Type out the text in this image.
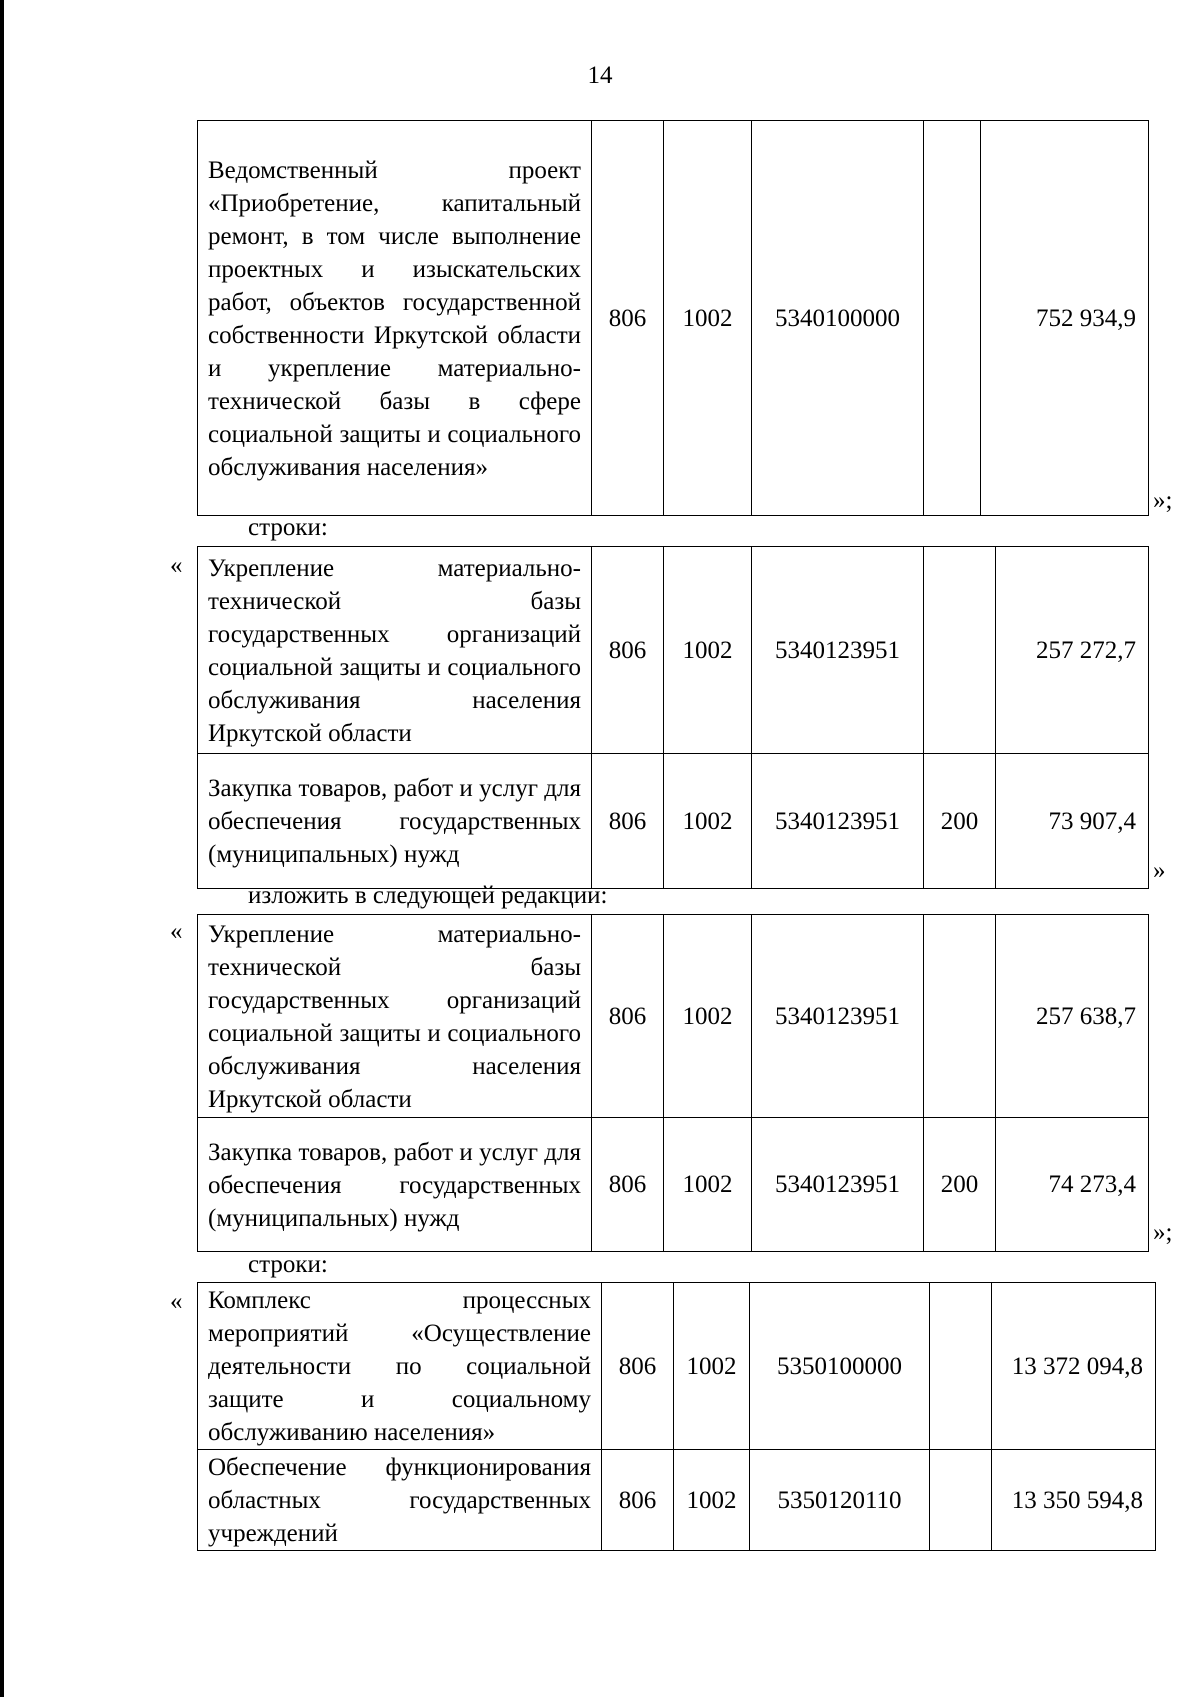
14
Ведомственный проект «Приобретение, капитальный ремонт, в том числе выполнение проектных и изыскательских работ, объектов государственной собственности Иркутской области и укрепление материально-технической базы в сфере социальной защиты и социального обслуживания населения»	806	1002	5340100000		752 934,9
»;
строки:
« Укрепление материально-технической базы государственных организаций социальной защиты и социального обслуживания населения Иркутской области	806	1002	5340123951		257 272,7
Закупка товаров, работ и услуг для обеспечения государственных (муниципальных) нужд	806	1002	5340123951	200	73 907,4
»
изложить в следующей редакции:
« Укрепление материально-технической базы государственных организаций социальной защиты и социального обслуживания населения Иркутской области	806	1002	5340123951		257 638,7
Закупка товаров, работ и услуг для обеспечения государственных (муниципальных) нужд	806	1002	5340123951	200	74 273,4
»;
строки:
« Комплекс процессных мероприятий «Осуществление деятельности по социальной защите и социальному обслуживанию населения»	806	1002	5350100000		13 372 094,8
Обеспечение функционирования областных государственных учреждений	806	1002	5350120110		13 350 594,8
